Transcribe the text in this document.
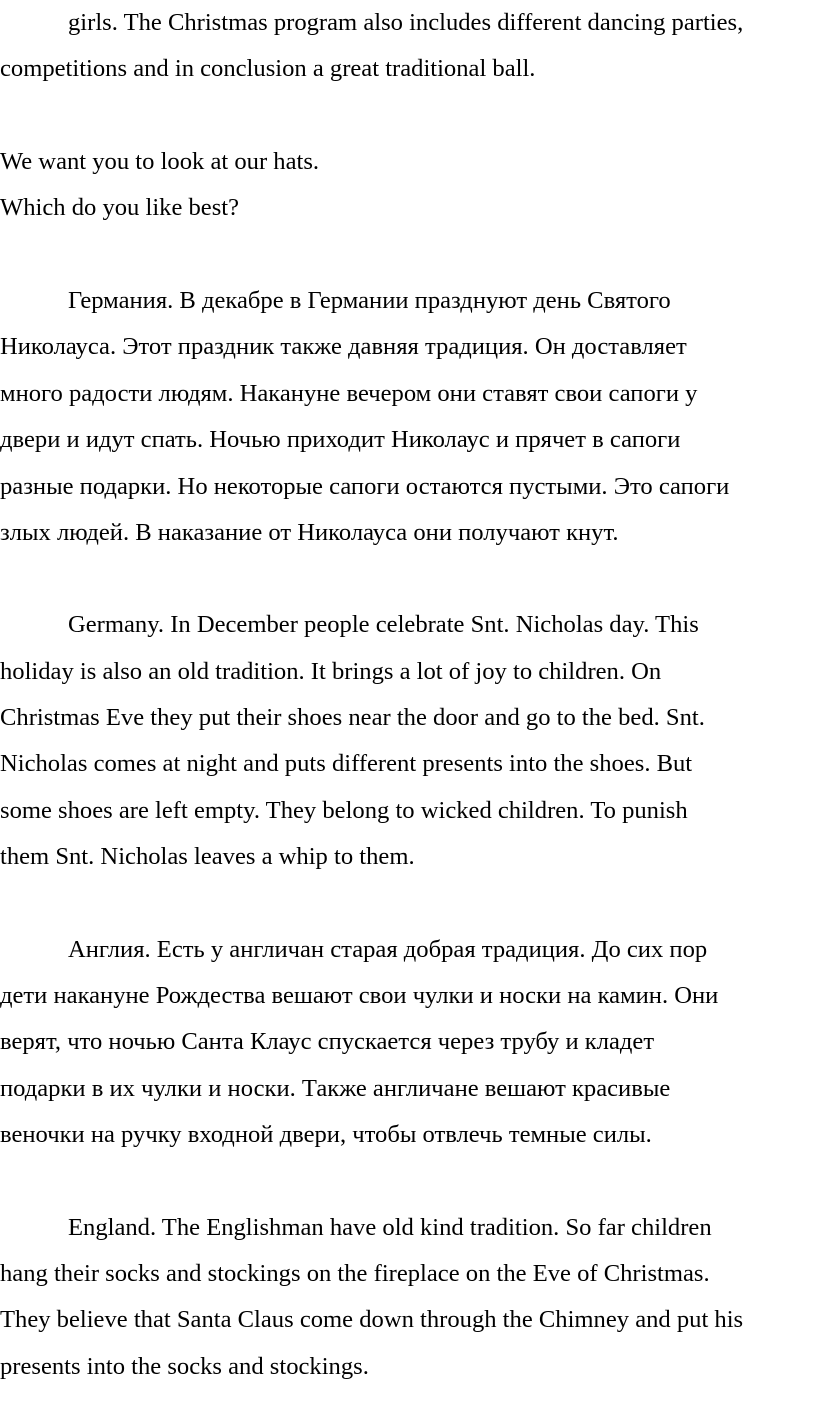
girls. The Christmas program also includes different dancing parties,

competitions and in conclusion a great traditional ball.

We want you to look at our hats.

Which do you like best?

Германия. В декабре в Германии празднуют день Святого

Николауса. Этот праздник также давняя традиция. Он доставляет

много радости людям. Накануне вечером они ставят свои сапоги у

двери и идут спать. Ночью приходит Николаус и прячет в сапоги

разные подарки. Но некоторые сапоги остаются пустыми. Это сапоги

злых людей. В наказание от Николауса они получают кнут.

Germany. In December people celebrate Snt. Nicholas day. This

holiday is also an old tradition. It brings a lot of joy to children. On

Christmas Eve they put their shoes near the door and go to the bed. Snt.

Nicholas comes at night and puts different presents into the shoes. But

some shoes are left empty. They belong to wicked children. To punish

them Snt. Nicholas leaves a whip to them.

Англия. Есть у англичан старая добрая традиция. До сих пор

дети накануне Рождества вешают свои чулки и носки на камин. Они

верят, что ночью Санта Клаус спускается через трубу и кладет

подарки в их чулки и носки. Также англичане вешают красивые

веночки на ручку входной двери, чтобы отвлечь темные силы.

England. The Englishman have old kind tradition. So far children

hang their socks and stockings on the fireplace on the Eve of Christmas.

They believe that Santa Claus come down through the Chimney and put his

presents into the socks and stockings.
